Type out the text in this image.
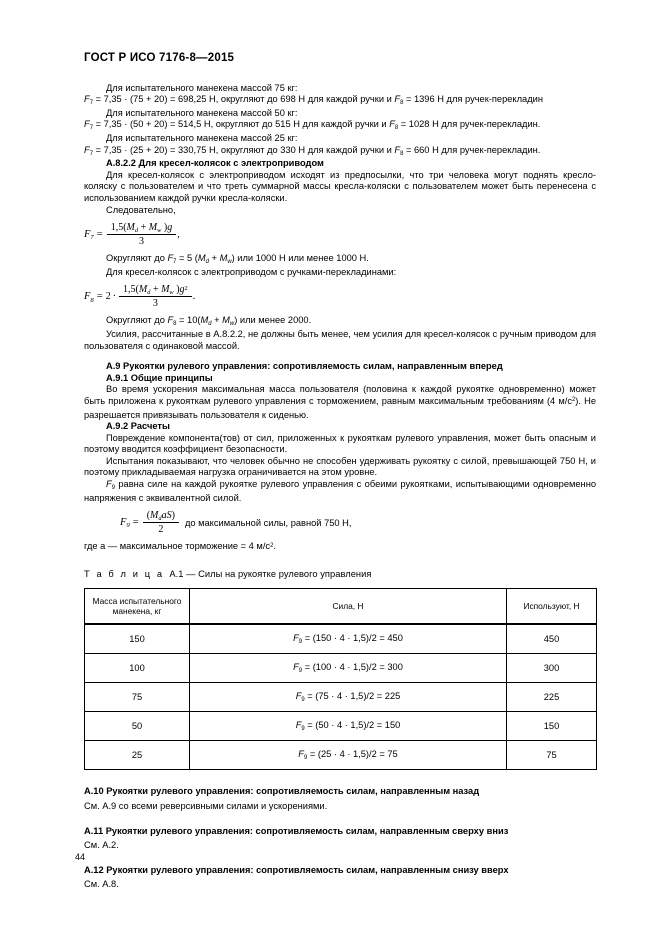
ГОСТ Р ИСО 7176-8—2015

Для испытательного манекена массой 75 кг:

$F_7 = 7,35 \cdot (75 + 20) = 698,25$ Н, округляют до 698 Н для каждой ручки и $F_8 = 1396$ Н для ручек-перекладин

Для испытательного манекена массой 50 кг:

$F_7 = 7,35 \cdot (50 + 20) = 514,5$ Н, округляют до 515 Н для каждой ручки и $F_8 = 1028$ Н для ручек-перекладин.

Для испытательного манекена массой 25 кг:

$F_7 = 7,35 \cdot (25 + 20) = 330,75$ Н, округляют до 330 Н для каждой ручки и $F_8 = 660$ Н для ручек-перекладин.

А.8.2.2 Для кресел-колясок с электроприводом

Для кресел-колясок с электроприводом исходят из предпосылки, что три человека могут поднять кресло-коляску с пользователем и что треть суммарной массы кресла-коляски с пользователем может быть перенесена с использованием каждой ручки кресла-коляски.

Следовательно,

$F_7 = \frac{1,5(M_d + M_w )g}{3}$ ,

Округляют до $F_7 = 5$ $(M_d + M_w)$ или 1000 Н или менее 1000 Н.

Для кресел-колясок с электроприводом с ручками-перекладинами:

$F_8 = 2 \cdot \frac{1,5(M_d + M_w )g^2}{3}$ .

Округляют до $F_8 = 10(M_d + M_w)$ или менее 2000.

Усилия, рассчитанные в А.8.2.2, не должны быть менее, чем усилия для кресел-колясок с ручным приводом для пользователя с одинаковой массой.

А.9 Рукоятки рулевого управления: сопротивляемость силам, направленным вперед

А.9.1 Общие принципы

Во время ускорения максимальная масса пользователя (половина к каждой рукоятке одновременно) может быть приложена к рукояткам рулевого управления с торможением, равным максимальным требованиям (4 $м/с^2$). Не разрешается привязывать пользователя к сиденью.

А.9.2 Расчеты

Повреждение компонента(тов) от сил, приложенных к рукояткам рулевого управления, может быть опасным и поэтому вводится коэффициент безопасности.

Испытания показывают, что человек обычно не способен удерживать рукоятку с силой, превышающей 750 Н, и поэтому прикладываемая нагрузка ограничивается на этом уровне.

$F_9$ равна силе на каждой рукоятке рулевого управления с обеими рукоятками, испытывающими одновременно напряжения с эквивалентной силой.

$F_9 = \frac{(M_daS)}{2}$ до максимальной силы, равной 750 Н,

где а — максимальное торможение = 4 $м/с^2$.

Т а б л и ц а А.1 — Силы на рукоятке рулевого управления

Масса испытательного манекена, кг	Сила, Н	Используют, Н
150	$F_9 = (150 \cdot 4 \cdot 1,5)/2 = 450$	450
100	$F_9 = (100 \cdot 4 \cdot 1,5)/2 = 300$	300
75	$F_9 = (75 \cdot 4 \cdot 1,5)/2 = 225$	225
50	$F_9 = (50 \cdot 4 \cdot 1,5)/2 = 150$	150
25	$F_9 = (25 \cdot 4 \cdot 1,5)/2 = 75$	75

А.10 Рукоятки рулевого управления: сопротивляемость силам, направленным назад

См. А.9 со всеми реверсивными силами и ускорениями.

А.11 Рукоятки рулевого управления: сопротивляемость силам, направленным сверху вниз

См. А.2.

А.12 Рукоятки рулевого управления: сопротивляемость силам, направленным снизу вверх

См. А.8.

44
